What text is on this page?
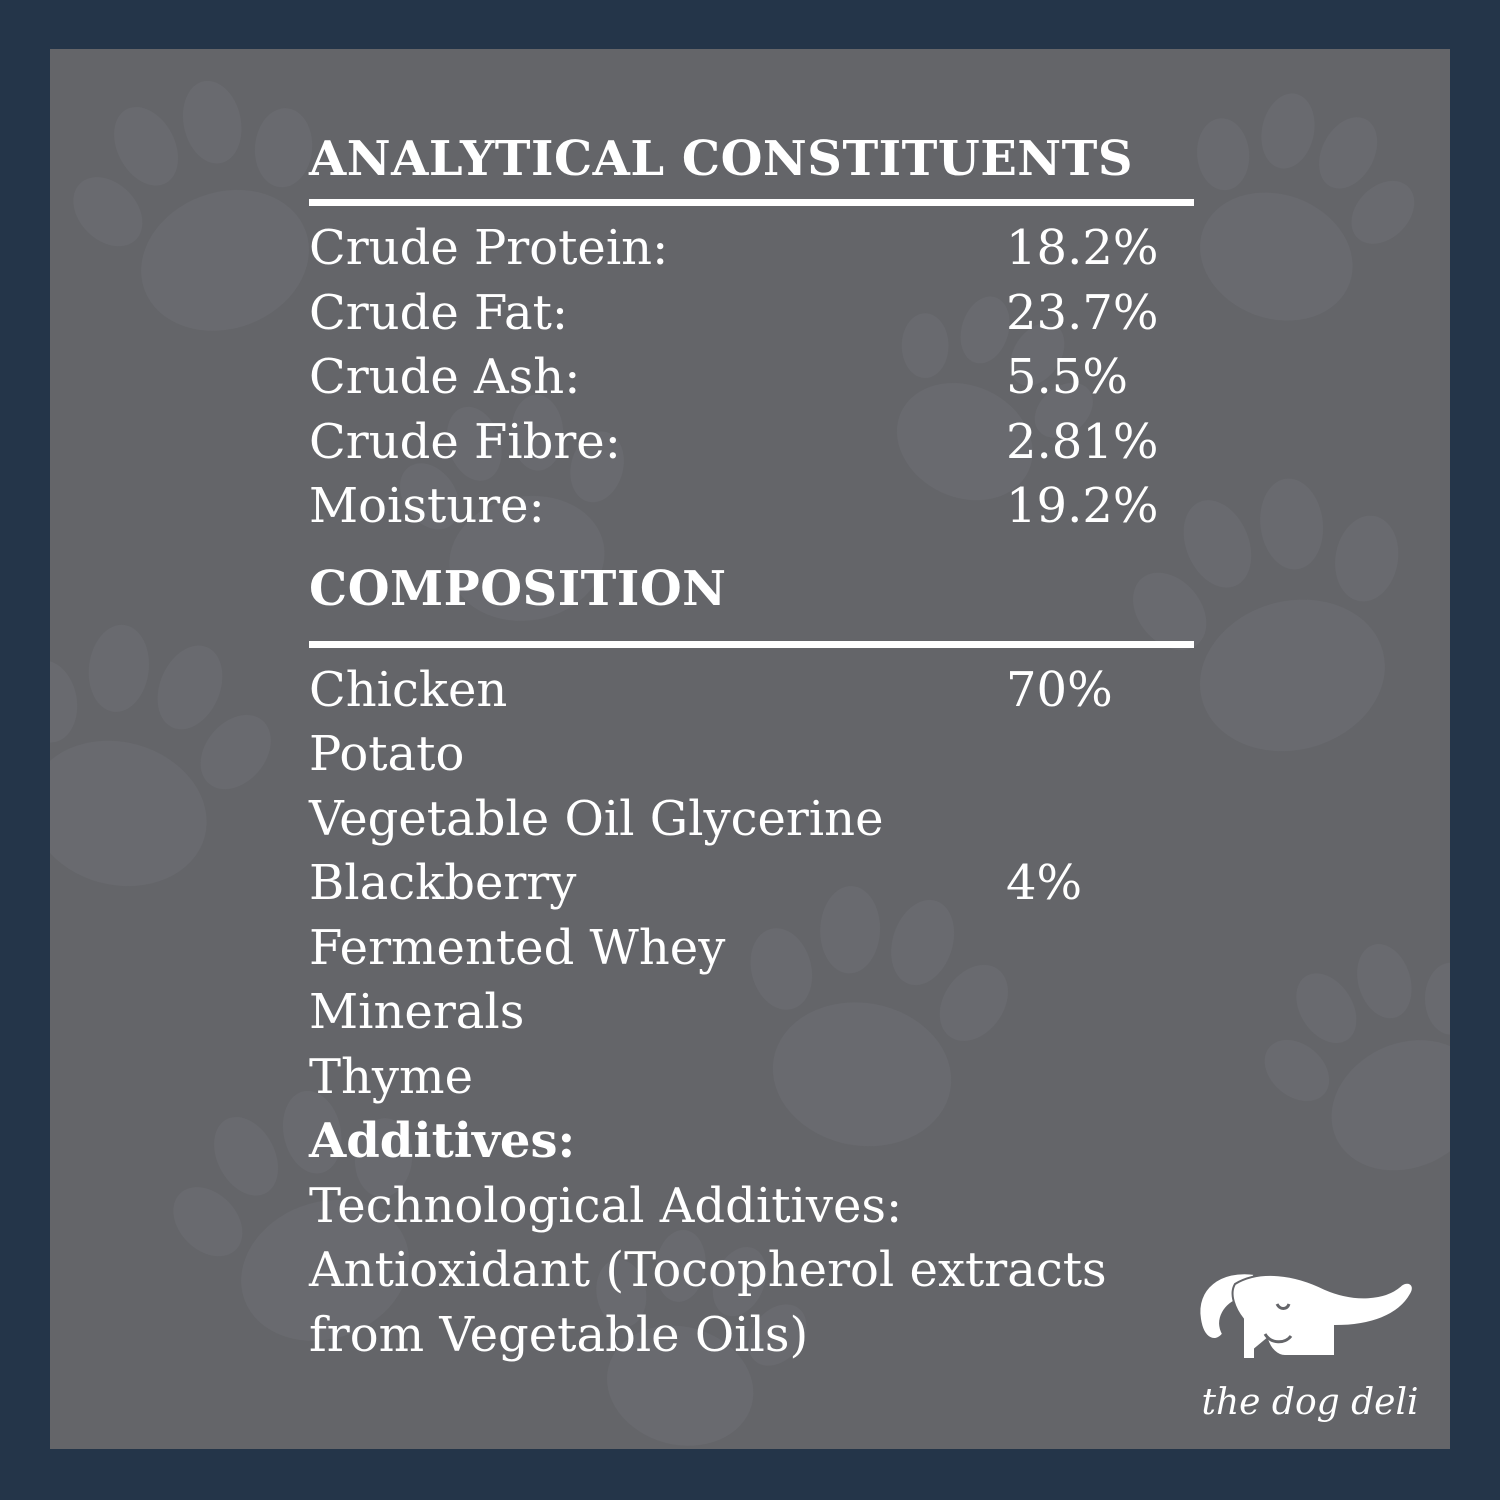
ANALYTICAL CONSTITUENTS
Crude Protein:	18.2%
Crude Fat:	23.7%
Crude Ash:	5.5%
Crude Fibre:	2.81%
Moisture:	19.2%
COMPOSITION
Chicken	70%
Potato
Vegetable Oil Glycerine
Blackberry	4%
Fermented Whey
Minerals
Thyme
Additives:
Technological Additives:
Antioxidant (Tocopherol extracts
from Vegetable Oils)
the dog deli
